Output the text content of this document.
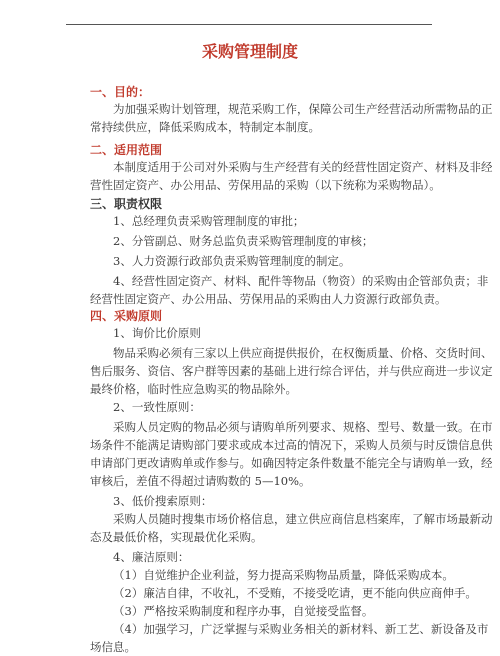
采购管理制度
一、目的：
为加强采购计划管理，规范采购工作，保障公司生产经营活动所需物品的正
常持续供应，降低采购成本，特制定本制度。
二、适用范围
本制度适用于公司对外采购与生产经营有关的经营性固定资产、材料及非经
营性固定资产、办公用品、劳保用品的采购（以下统称为采购物品）。
三、职责权限
1、总经理负责采购管理制度的审批；
2、分管副总、财务总监负责采购管理制度的审核；
3、人力资源行政部负责采购管理制度的制定。
4、经营性固定资产、材料、配件等物品（物资）的采购由企管部负责；非
经营性固定资产、办公用品、劳保用品的采购由人力资源行政部负责。
四、采购原则
1、询价比价原则
物品采购必须有三家以上供应商提供报价，在权衡质量、价格、交货时间、
售后服务、资信、客户群等因素的基础上进行综合评估，并与供应商进一步议定
最终价格，临时性应急购买的物品除外。
2、一致性原则：
采购人员定购的物品必须与请购单所列要求、规格、型号、数量一致。在市
场条件不能满足请购部门要求或成本过高的情况下，采购人员须与时反馈信息供
申请部门更改请购单或作参与。如确因特定条件数量不能完全与请购单一致，经
审核后，差值不得超过请购数的 5—10%。
3、低价搜索原则：
采购人员随时搜集市场价格信息，建立供应商信息档案库，了解市场最新动
态及最低价格，实现最优化采购。
4、廉洁原则：
（1）自觉维护企业利益，努力提高采购物品质量，降低采购成本。
（2）廉洁自律，不收礼，不受贿，不接受吃请，更不能向供应商伸手。
（3）严格按采购制度和程序办事，自觉接受监督。
（4）加强学习，广泛掌握与采购业务相关的新材料、新工艺、新设备及市
场信息。
